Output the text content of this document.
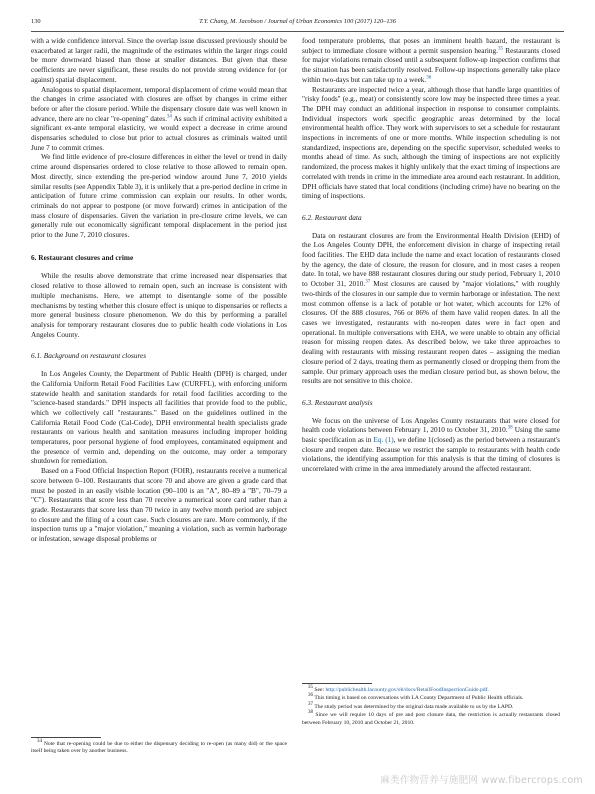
130	T.Y. Chang, M. Jacobson / Journal of Urban Economics 100 (2017) 120–136

with a wide confidence interval. Since the overlap issue discussed previously should be exacerbated at larger radii, the magnitude of the estimates within the larger rings could be more downward biased than those at smaller distances. But given that these coefficients are never significant, these results do not provide strong evidence for (or against) spatial displacement.

Analogous to spatial displacement, temporal displacement of crime would mean that the changes in crime associated with closures are offset by changes in crime either before or after the closure period. While the dispensary closure date was well known in advance, there are no clear "re-opening" dates.$^{34}$ As such if criminal activity exhibited a significant ex-ante temporal elasticity, we would expect a decrease in crime around dispensaries scheduled to close but prior to actual closures as criminals waited until June 7 to commit crimes.

We find little evidence of pre-closure differences in either the level or trend in daily crime around dispensaries ordered to close relative to those allowed to remain open. Most directly, since extending the pre-period window around June 7, 2010 yields similar results (see Appendix Table 3), it is unlikely that a pre-period decline in crime in anticipation of future crime commission can explain our results. In other words, criminals do not appear to postpone (or move forward) crimes in anticipation of the mass closure of dispensaries. Given the variation in pre-closure crime levels, we can generally rule out economically significant temporal displacement in the period just prior to the June 7, 2010 closures.

6. Restaurant closures and crime

While the results above demonstrate that crime increased near dispensaries that closed relative to those allowed to remain open, such an increase is consistent with multiple mechanisms. Here, we attempt to disentangle some of the possible mechanisms by testing whether this closure effect is unique to dispensaries or reflects a more general business closure phenomenon. We do this by performing a parallel analysis for temporary restaurant closures due to public health code violations in Los Angeles County.

6.1. Background on restaurant closures

In Los Angeles County, the Department of Public Health (DPH) is charged, under the California Uniform Retail Food Facilities Law (CURFFL), with enforcing uniform statewide health and sanitation standards for retail food facilities according to the "science-based standards." DPH inspects all facilities that provide food to the public, which we collectively call "restaurants." Based on the guidelines outlined in the California Retail Food Code (Cal-Code), DPH environmental health specialists grade restaurants on various health and sanitation measures including improper holding temperatures, poor personal hygiene of food employees, contaminated equipment and the presence of vermin and, depending on the outcome, may order a temporary shutdown for remediation.

Based on a Food Official Inspection Report (FOIR), restaurants receive a numerical score between 0–100. Restaurants that score 70 and above are given a grade card that must be posted in an easily visible location (90–100 is an "A", 80–89 a "B", 70–79 a "C"). Restaurants that score less than 70 receive a numerical score card rather than a grade. Restaurants that score less than 70 twice in any twelve month period are subject to closure and the filing of a court case. Such closures are rare. More commonly, if the inspection turns up a "major violation," meaning a violation, such as vermin harborage or infestation, sewage disposal problems or

$^{34}$ Note that re-opening could be due to either the dispensary deciding to re-open (as many did) or the space itself being taken over by another business.

food temperature problems, that poses an imminent health hazard, the restaurant is subject to immediate closure without a permit suspension hearing.$^{35}$ Restaurants closed for major violations remain closed until a subsequent follow-up inspection confirms that the situation has been satisfactorily resolved. Follow-up inspections generally take place within two-days but can take up to a week.$^{36}$

Restaurants are inspected twice a year, although those that handle large quantities of "risky foods" (e.g., meat) or consistently score low may be inspected three times a year. The DPH may conduct an additional inspection in response to consumer complaints. Individual inspectors work specific geographic areas determined by the local environmental health office. They work with supervisors to set a schedule for restaurant inspections in increments of one or more months. While inspection scheduling is not standardized, inspections are, depending on the specific supervisor, scheduled weeks to months ahead of time. As such, although the timing of inspections are not explicitly randomized, the process makes it highly unlikely that the exact timing of inspections are correlated with trends in crime in the immediate area around each restaurant. In addition, DPH officials have stated that local conditions (including crime) have no bearing on the timing of inspections.

6.2. Restaurant data

Data on restaurant closures are from the Environmental Health Division (EHD) of the Los Angeles County DPH, the enforcement division in charge of inspecting retail food facilities. The EHD data include the name and exact location of restaurants closed by the agency, the date of closure, the reason for closure, and in most cases a reopen date. In total, we have 888 restaurant closures during our study period, February 1, 2010 to October 31, 2010.37 Most closures are caused by "major violations," with roughly two-thirds of the closures in our sample due to vermin harborage or infestation. The next most common offense is a lack of potable or hot water, which accounts for 12% of closures. Of the 888 closures, 766 or 86% of them have valid reopen dates. In all the cases we investigated, restaurants with no-reopen dates were in fact open and operational. In multiple conversations with EHA, we were unable to obtain any official reason for missing reopen dates. As described below, we take three approaches to dealing with restaurants with missing restaurant reopen dates – assigning the median closure period of 2 days, treating them as permanently closed or dropping them from the sample. Our primary approach uses the median closure period but, as shown below, the results are not sensitive to this choice.

6.3. Restaurant analysis

We focus on the universe of Los Angeles County restaurants that were closed for health code violations between February 1, 2010 to October 31, 2010.38 Using the same basic specification as in Eq. (1), we define 1(closed) as the period between a restaurant's closure and reopen date. Because we restrict the sample to restaurants with health code violations, the identifying assumption for this analysis is that the timing of closures is uncorrelated with crime in the area immediately around the affected restaurant.

$^{35}$ See: http://publichealth.lacounty.gov/eh/docs/RetailFoodInspectionGuide.pdf.

$^{36}$ This timing is based on conversations with LA County Department of Public Health officials.

$^{37}$ The study period was determined by the original data made available to us by the LAPD.

$^{38}$ Since we will require 10 days of pre and post closure data, the restriction is actually restaurants closed between February 10, 2010 and October 21, 2010.

麻类作物营养与施肥网 www.fibercrops.com
